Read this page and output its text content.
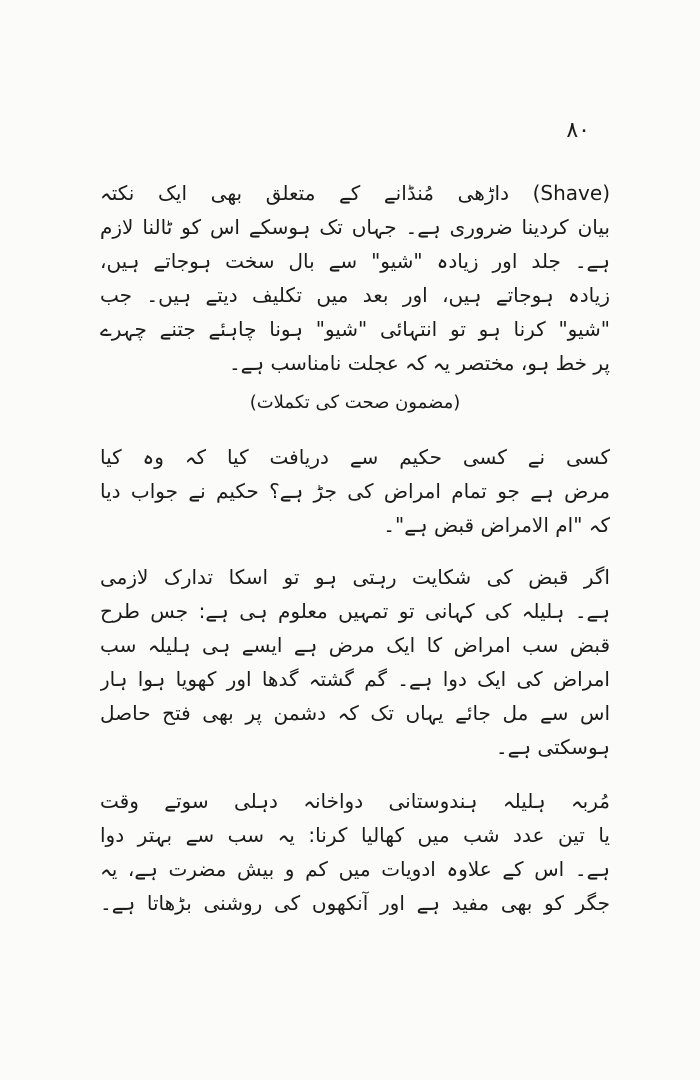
۸۰
(Shave) داڑھی مُنڈانے کے متعلق بھی ایک نکتہ
بیان کردینا ضروری ہے۔ جہاں تک ہوسکے اس کو ٹالنا لازم
ہے۔ جلد اور زیادہ "شیو" سے بال سخت ہوجاتے ہیں،
زیادہ ہوجاتے ہیں، اور بعد میں تکلیف دیتے ہیں۔ جب
"شیو" کرنا ہو تو انتہائی "شیو" ہونا چاہئے جتنے چہرے
پر خط ہو، مختصر یہ کہ عجلت نامناسب ہے۔
(مضمون صحت کی تکملات)
کسی نے کسی حکیم سے دریافت کیا کہ وہ کیا
مرض ہے جو تمام امراض کی جڑ ہے؟ حکیم نے جواب دیا
کہ "ام الامراض قبض ہے"۔
اگر قبض کی شکایت رہتی ہو تو اسکا تدارک لازمی
ہے۔ ہلیلہ کی کہانی تو تمہیں معلوم ہی ہے: جس طرح
قبض سب امراض کا ایک مرض ہے ایسے ہی ہلیلہ سب
امراض کی ایک دوا ہے۔ گم گشتہ گدھا اور کھویا ہوا ہار
اس سے مل جائے یہاں تک کہ دشمن پر بھی فتح حاصل
ہوسکتی ہے۔
مُربہ ہلیلہ ہندوستانی دواخانہ دہلی سوتے وقت
یا تین عدد شب میں کھالیا کرنا: یہ سب سے بہتر دوا
ہے۔ اس کے علاوہ ادویات میں کم و بیش مضرت ہے، یہ
جگر کو بھی مفید ہے اور آنکھوں کی روشنی بڑھاتا ہے۔
